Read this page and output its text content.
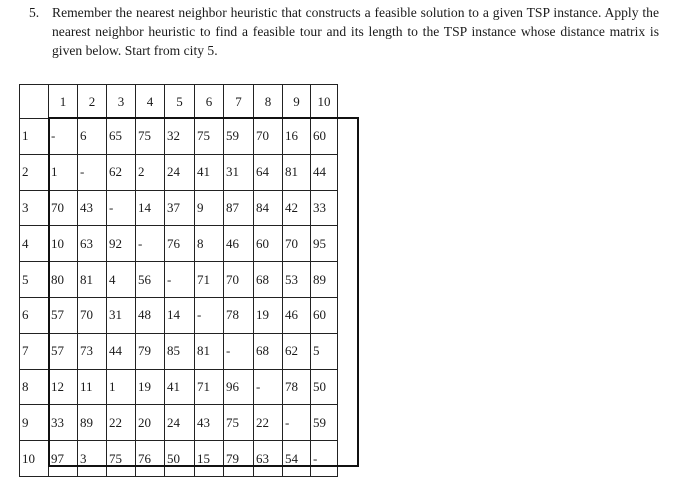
5. Remember the nearest neighbor heuristic that constructs a feasible solution to a given TSP instance. Apply the nearest neighbor heuristic to find a feasible tour and its length to the TSP instance whose distance matrix is given below. Start from city 5.
	1	2	3	4	5	6	7	8	9	10
1	-	6	65	75	32	75	59	70	16	60
2	1	-	62	2	24	41	31	64	81	44
3	70	43	-	14	37	9	87	84	42	33
4	10	63	92	-	76	8	46	60	70	95
5	80	81	4	56	-	71	70	68	53	89
6	57	70	31	48	14	-	78	19	46	60
7	57	73	44	79	85	81	-	68	62	5
8	12	11	1	19	41	71	96	-	78	50
9	33	89	22	20	24	43	75	22	-	59
10	97	3	75	76	50	15	79	63	54	-
